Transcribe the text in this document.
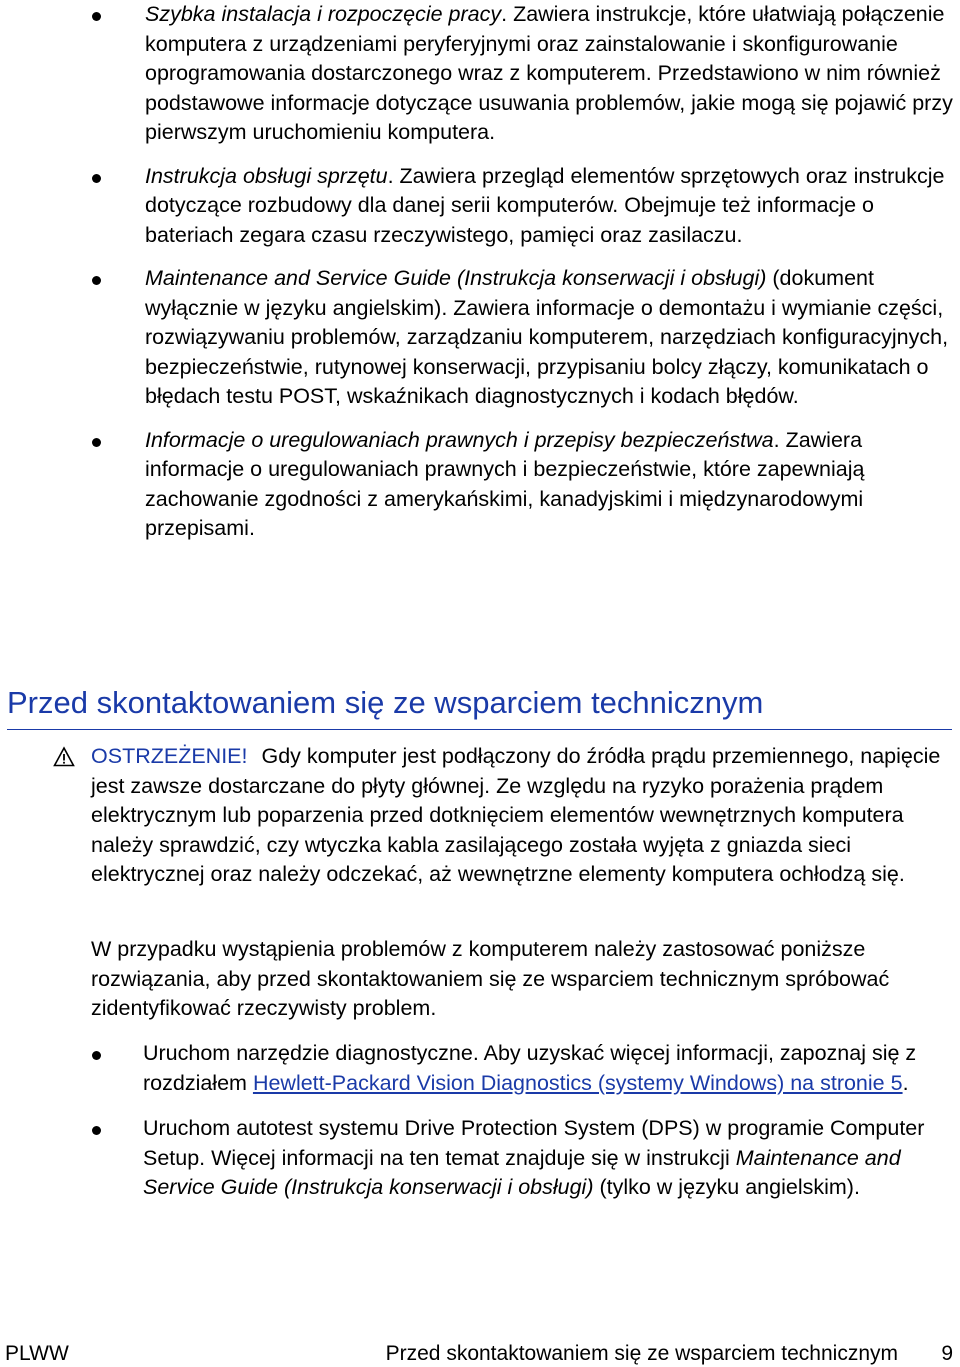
Szybka instalacja i rozpoczęcie pracy. Zawiera instrukcje, które ułatwiają połączenie komputera z urządzeniami peryferyjnymi oraz zainstalowanie i skonfigurowanie oprogramowania dostarczonego wraz z komputerem. Przedstawiono w nim również podstawowe informacje dotyczące usuwania problemów, jakie mogą się pojawić przy pierwszym uruchomieniu komputera.

Instrukcja obsługi sprzętu. Zawiera przegląd elementów sprzętowych oraz instrukcje dotyczące rozbudowy dla danej serii komputerów. Obejmuje też informacje o bateriach zegara czasu rzeczywistego, pamięci oraz zasilaczu.

Maintenance and Service Guide (Instrukcja konserwacji i obsługi) (dokument wyłącznie w języku angielskim). Zawiera informacje o demontażu i wymianie części, rozwiązywaniu problemów, zarządzaniu komputerem, narzędziach konfiguracyjnych, bezpieczeństwie, rutynowej konserwacji, przypisaniu bolcy złączy, komunikatach o błędach testu POST, wskaźnikach diagnostycznych i kodach błędów.

Informacje o uregulowaniach prawnych i przepisy bezpieczeństwa. Zawiera informacje o uregulowaniach prawnych i bezpieczeństwie, które zapewniają zachowanie zgodności z amerykańskimi, kanadyjskimi i międzynarodowymi przepisami.

Przed skontaktowaniem się ze wsparciem technicznym

OSTRZEŻENIE! Gdy komputer jest podłączony do źródła prądu przemiennego, napięcie jest zawsze dostarczane do płyty głównej. Ze względu na ryzyko porażenia prądem elektrycznym lub poparzenia przed dotknięciem elementów wewnętrznych komputera należy sprawdzić, czy wtyczka kabla zasilającego została wyjęta z gniazda sieci elektrycznej oraz należy odczekać, aż wewnętrzne elementy komputera ochłodzą się.

W przypadku wystąpienia problemów z komputerem należy zastosować poniższe rozwiązania, aby przed skontaktowaniem się ze wsparciem technicznym spróbować zidentyfikować rzeczywisty problem.

Uruchom narzędzie diagnostyczne. Aby uzyskać więcej informacji, zapoznaj się z rozdziałem Hewlett-Packard Vision Diagnostics (systemy Windows) na stronie 5.

Uruchom autotest systemu Drive Protection System (DPS) w programie Computer Setup. Więcej informacji na ten temat znajduje się w instrukcji Maintenance and Service Guide (Instrukcja konserwacji i obsługi) (tylko w języku angielskim).

PLWW	Przed skontaktowaniem się ze wsparciem technicznym 9
